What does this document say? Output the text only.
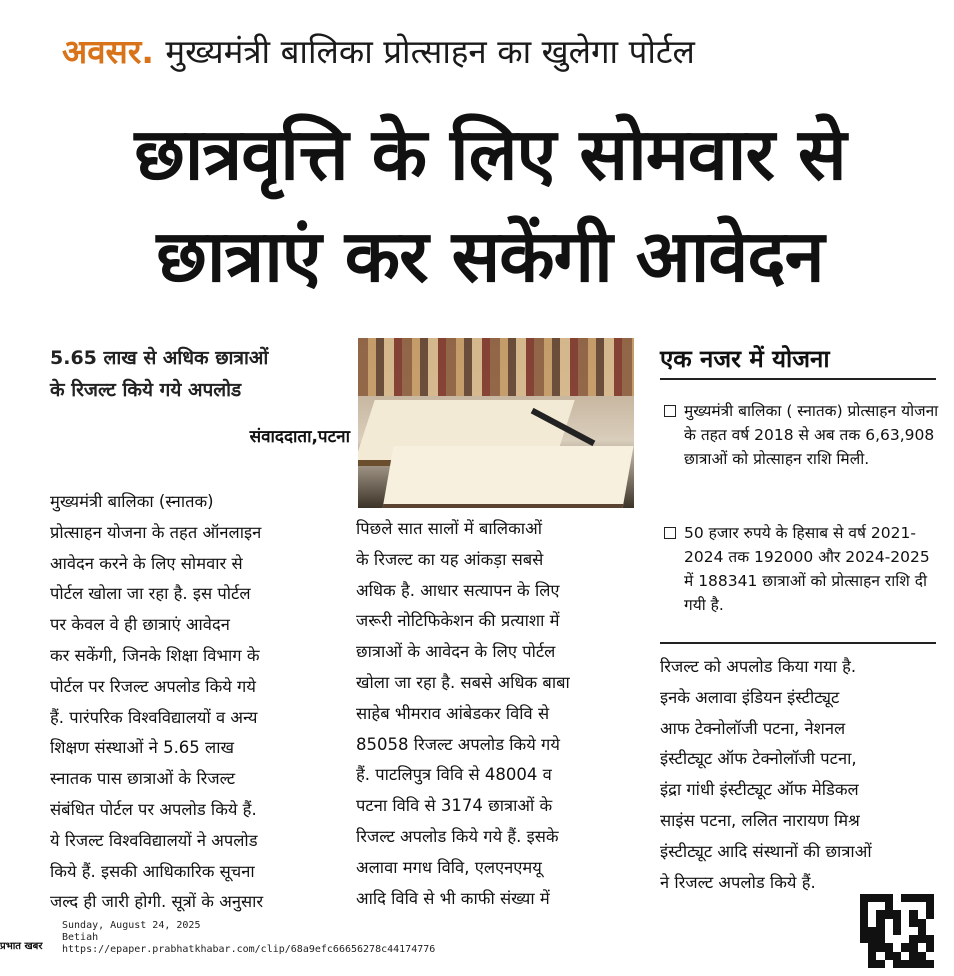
अवसर. मुख्यमंत्री बालिका प्रोत्साहन का खुलेगा पोर्टल
छात्रवृत्ति के लिए सोमवार से
छात्राएं कर सकेंगी आवेदन
5.65 लाख से अधिक छात्राओं
के रिजल्ट किये गये अपलोड
संवाददाता,पटना
एक नजर में योजना
मुख्यमंत्री बालिका ( स्नातक) प्रोत्साहन योजना के तहत वर्ष 2018 से अब तक 6,63,908 छात्राओं को प्रोत्साहन राशि मिली.
50 हजार रुपये के हिसाब से वर्ष 2021-2024 तक 192000 और 2024-2025 में 188341 छात्राओं को प्रोत्साहन राशि दी गयी है.
मुख्यमंत्री बालिका (स्नातक)
प्रोत्साहन योजना के तहत ऑनलाइन
आवेदन करने के लिए सोमवार से
पोर्टल खोला जा रहा है. इस पोर्टल
पर केवल वे ही छात्राएं आवेदन
कर सकेंगी, जिनके शिक्षा विभाग के
पोर्टल पर रिजल्ट अपलोड किये गये
हैं. पारंपरिक विश्वविद्यालयों व अन्य
शिक्षण संस्थाओं ने 5.65 लाख
स्नातक पास छात्राओं के रिजल्ट
संबंधित पोर्टल पर अपलोड किये हैं.
ये रिजल्ट विश्वविद्यालयों ने अपलोड
किये हैं. इसकी आधिकारिक सूचना
जल्द ही जारी होगी. सूत्रों के अनुसार
पिछले सात सालों में बालिकाओं
के रिजल्ट का यह आंकड़ा सबसे
अधिक है. आधार सत्यापन के लिए
जरूरी नोटिफिकेशन की प्रत्याशा में
छात्राओं के आवेदन के लिए पोर्टल
खोला जा रहा है. सबसे अधिक बाबा
साहेब भीमराव आंबेडकर विवि से
85058 रिजल्ट अपलोड किये गये
हैं. पाटलिपुत्र विवि से 48004 व
पटना विवि से 3174 छात्राओं के
रिजल्ट अपलोड किये गये हैं. इसके
अलावा मगध विवि, एलएनएमयू
आदि विवि से भी काफी संख्या में
रिजल्ट को अपलोड किया गया है.
इनके अलावा इंडियन इंस्टीट्यूट
आफ टेक्नोलॉजी पटना, नेशनल
इंस्टीट्यूट ऑफ टेक्नोलॉजी पटना,
इंद्रा गांधी इंस्टीट्यूट ऑफ मेडिकल
साइंस पटना, ललित नारायण मिश्र
इंस्टीट्यूट आदि संस्थानों की छात्राओं
ने रिजल्ट अपलोड किये हैं.
प्रभात खबर
Sunday, August 24, 2025
Betiah
https://epaper.prabhatkhabar.com/clip/68a9efc66656278c44174776
